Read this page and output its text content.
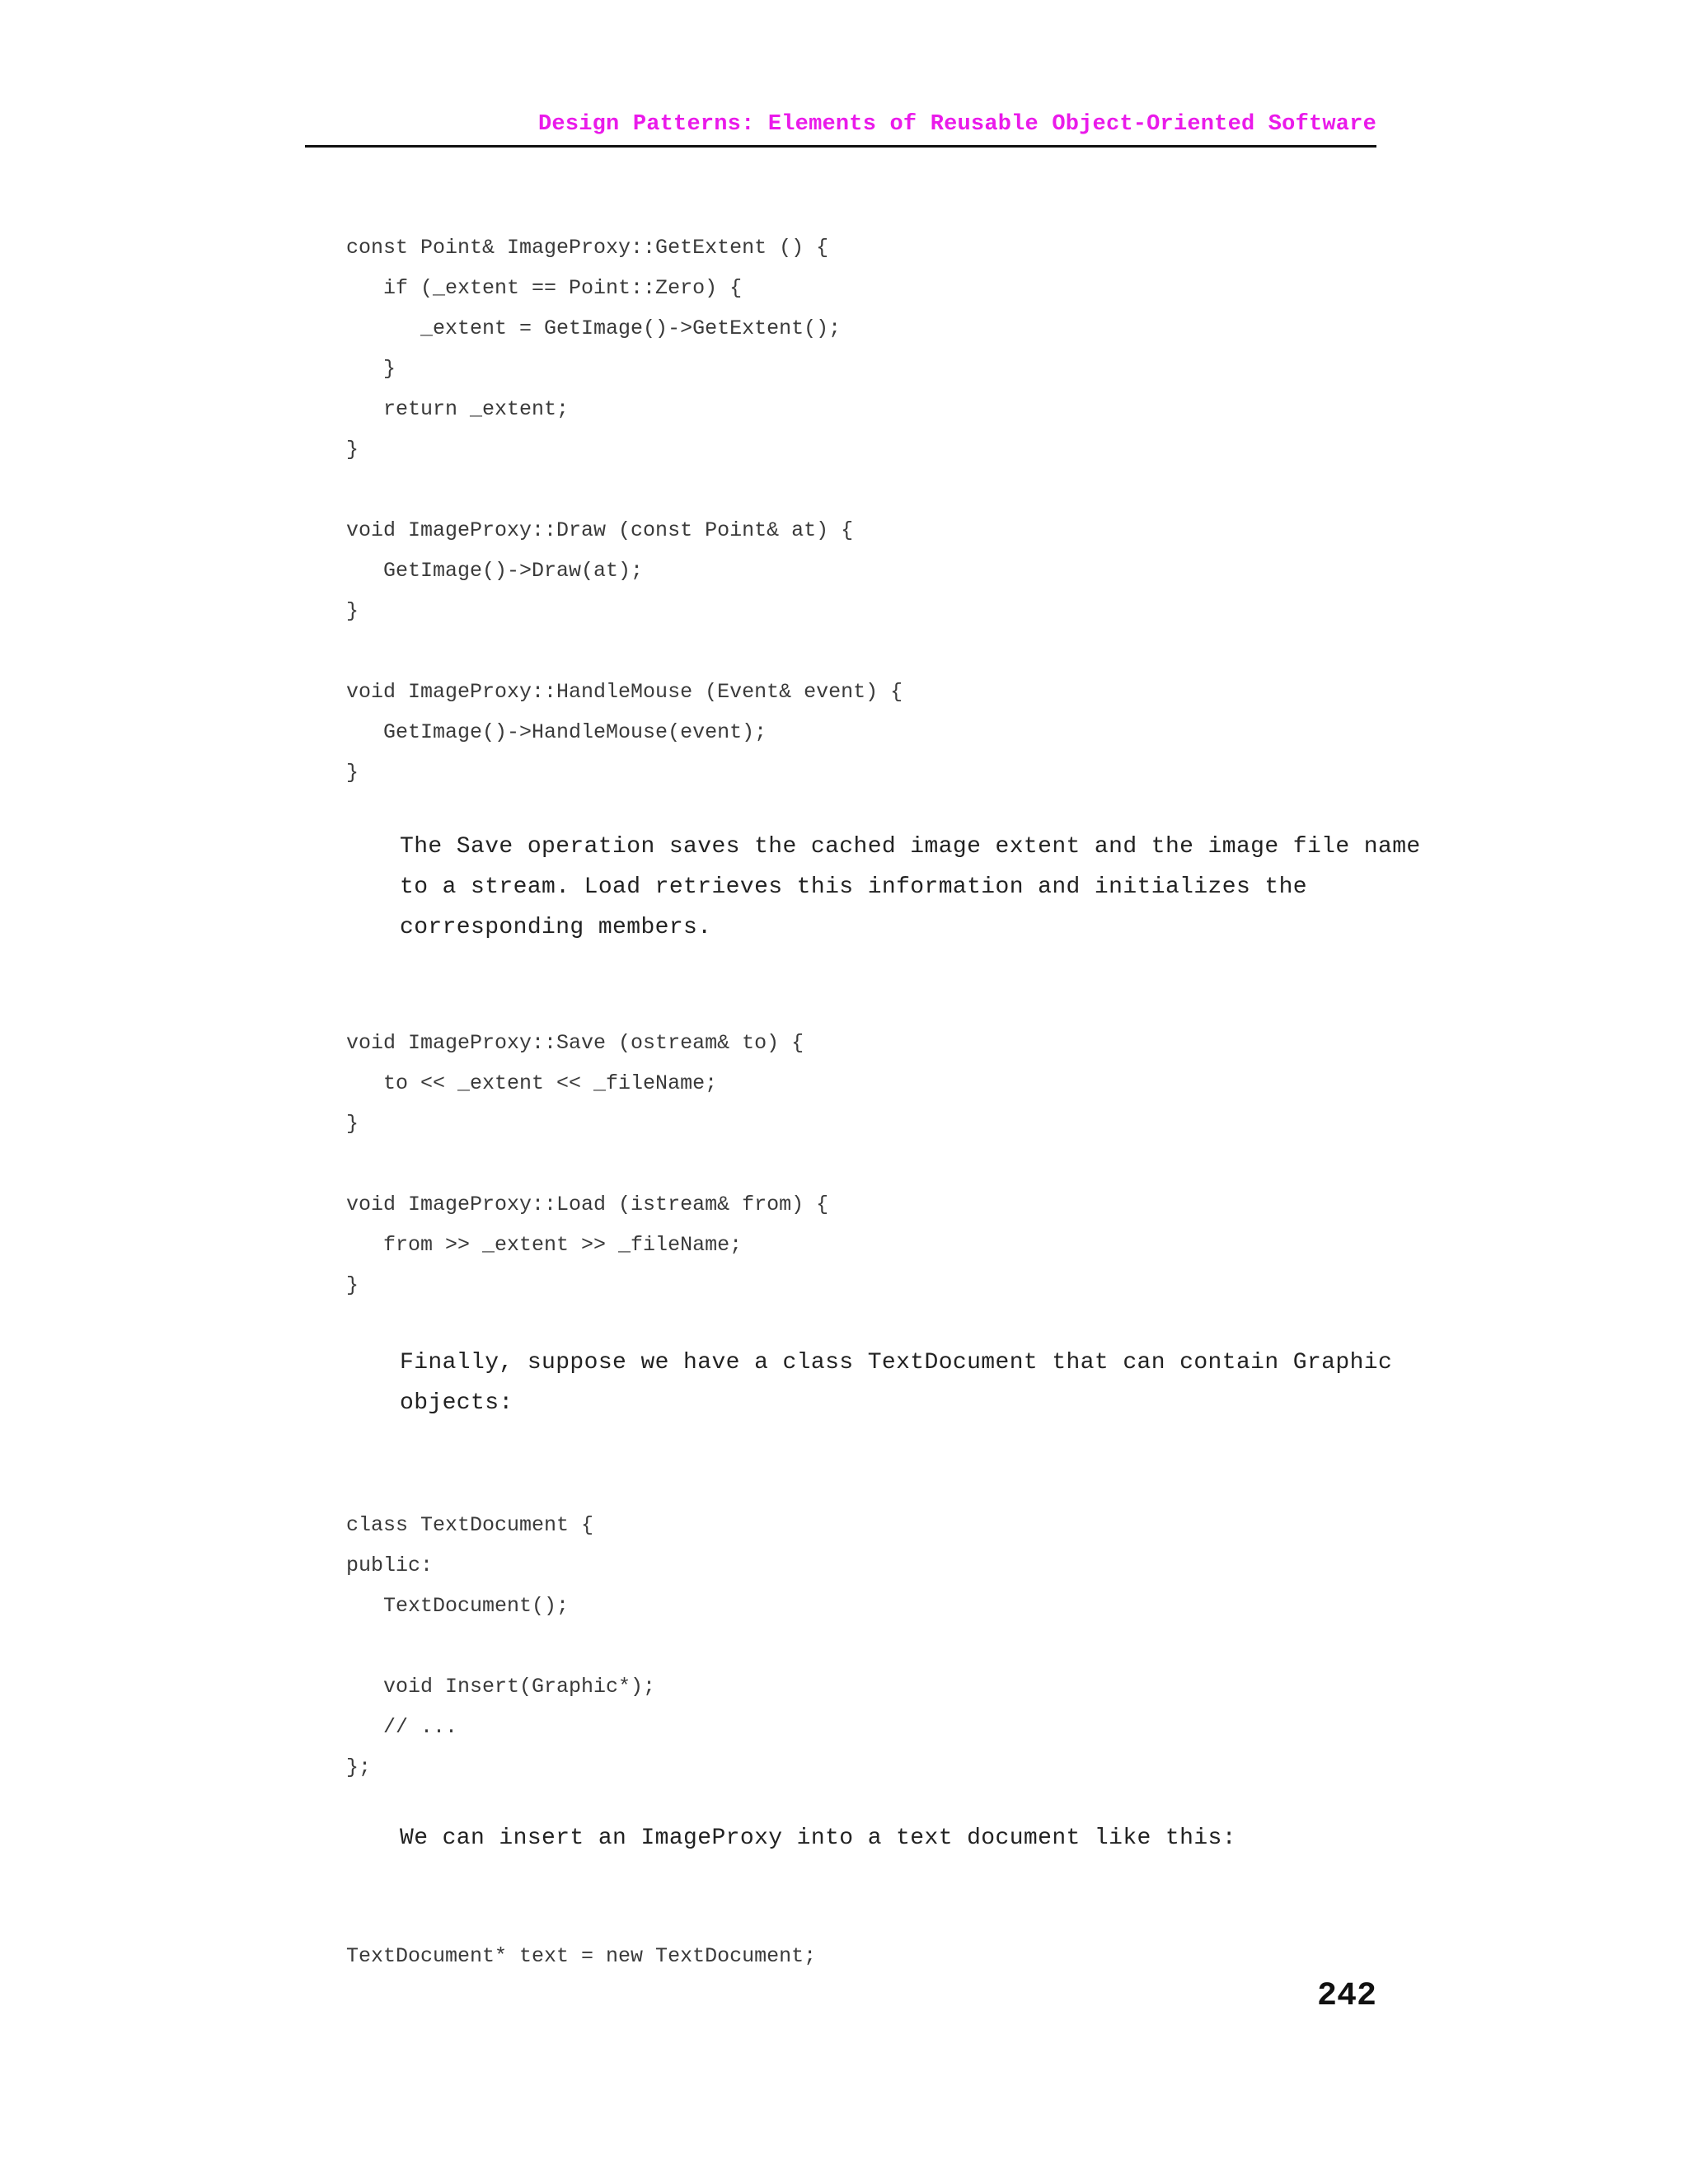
Design Patterns: Elements of Reusable Object-Oriented Software
const Point& ImageProxy::GetExtent () {
if (_extent == Point::Zero) {
_extent = GetImage()->GetExtent();
}
return _extent;
}
void ImageProxy::Draw (const Point& at) {
GetImage()->Draw(at);
}
void ImageProxy::HandleMouse (Event& event) {
GetImage()->HandleMouse(event);
}
The Save operation saves the cached image extent and the image file name
to a stream. Load retrieves this information and initializes the
corresponding members.
void ImageProxy::Save (ostream& to) {
to << _extent << _fileName;
}
void ImageProxy::Load (istream& from) {
from >> _extent >> _fileName;
}
Finally, suppose we have a class TextDocument that can contain Graphic
objects:
class TextDocument {
public:
TextDocument();
void Insert(Graphic*);
// ...
};
We can insert an ImageProxy into a text document like this:
TextDocument* text = new TextDocument;
242
